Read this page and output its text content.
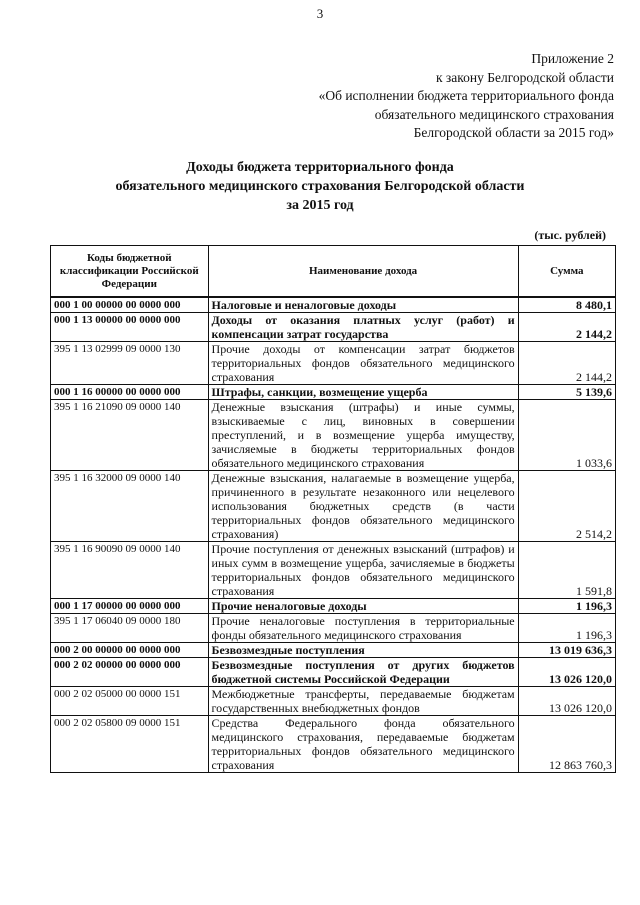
3
Приложение 2
к закону Белгородской области
«Об исполнении бюджета территориального фонда
обязательного медицинского страхования
Белгородской области за 2015 год»
Доходы бюджета территориального фонда
обязательного медицинского страхования Белгородской области
за 2015 год
(тыс. рублей)
Коды бюджетной классификации Российской Федерации	Наименование дохода	Сумма
000 1 00 00000 00 0000 000	Налоговые и неналоговые доходы	8 480,1
000 1 13 00000 00 0000 000	Доходы от оказания платных услуг (работ) и компенсации затрат государства	2 144,2
395 1 13 02999 09 0000 130	Прочие доходы от компенсации затрат бюджетов территориальных фондов обязательного медицинского страхования	2 144,2
000 1 16 00000 00 0000 000	Штрафы, санкции, возмещение ущерба	5 139,6
395 1 16 21090 09 0000 140	Денежные взыскания (штрафы) и иные суммы, взыскиваемые с лиц, виновных в совершении преступлений, и в возмещение ущерба имуществу, зачисляемые в бюджеты территориальных фондов обязательного медицинского страхования	1 033,6
395 1 16 32000 09 0000 140	Денежные взыскания, налагаемые в возмещение ущерба, причиненного в результате незаконного или нецелевого использования бюджетных средств (в части территориальных фондов обязательного медицинского страхования)	2 514,2
395 1 16 90090 09 0000 140	Прочие поступления от денежных взысканий (штрафов) и иных сумм в возмещение ущерба, зачисляемые в бюджеты территориальных фондов обязательного медицинского страхования	1 591,8
000 1 17 00000 00 0000 000	Прочие неналоговые доходы	1 196,3
395 1 17 06040 09 0000 180	Прочие неналоговые поступления в территориальные фонды обязательного медицинского страхования	1 196,3
000 2 00 00000 00 0000 000	Безвозмездные поступления	13 019 636,3
000 2 02 00000 00 0000 000	Безвозмездные поступления от других бюджетов бюджетной системы Российской Федерации	13 026 120,0
000 2 02 05000 00 0000 151	Межбюджетные трансферты, передаваемые бюджетам государственных внебюджетных фондов	13 026 120,0
000 2 02 05800 09 0000 151	Средства Федерального фонда обязательного медицинского страхования, передаваемые бюджетам территориальных фондов обязательного медицинского страхования	12 863 760,3
